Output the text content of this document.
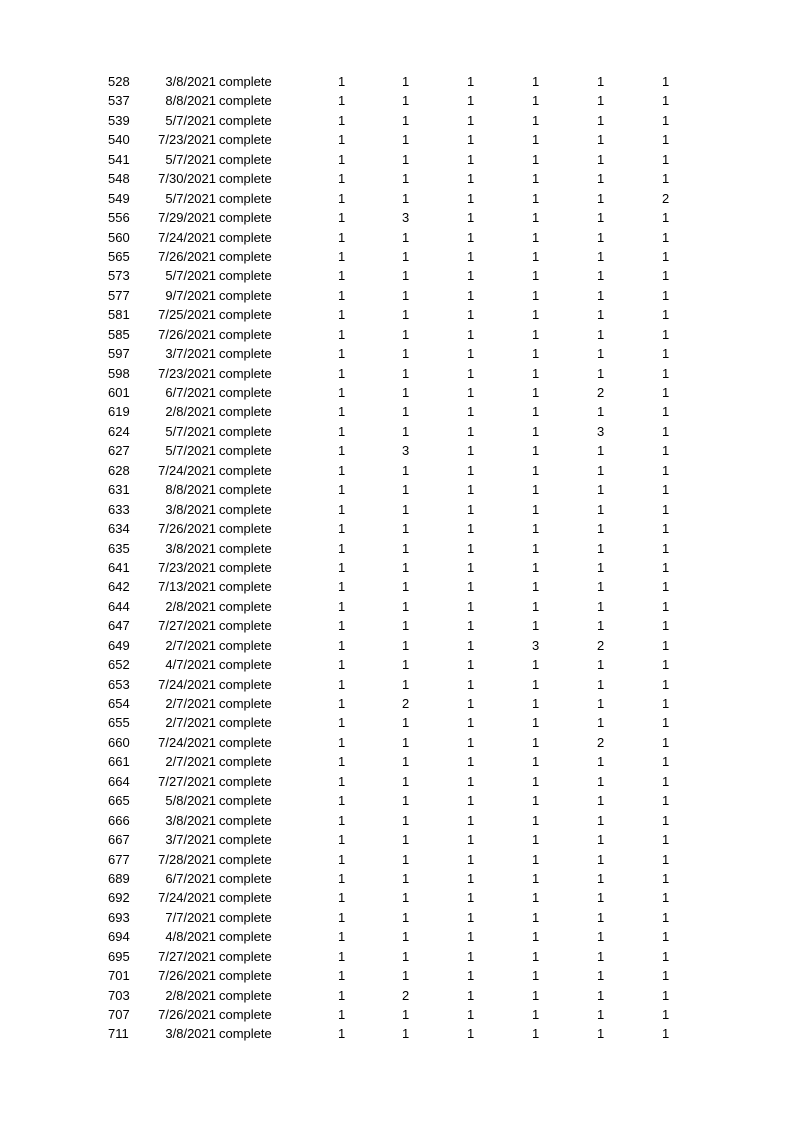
528	3/8/2021 complete	1	1	1	1	1	1
537	8/8/2021 complete	1	1	1	1	1	1
539	5/7/2021 complete	1	1	1	1	1	1
540 7/23/2021 complete	1	1	1	1	1	1
541	5/7/2021 complete	1	1	1	1	1	1
548 7/30/2021 complete	1	1	1	1	1	1
549	5/7/2021 complete	1	1	1	1	1	2
556 7/29/2021 complete	1	3	1	1	1	1
560 7/24/2021 complete	1	1	1	1	1	1
565 7/26/2021 complete	1	1	1	1	1	1
573	5/7/2021 complete	1	1	1	1	1	1
577	9/7/2021 complete	1	1	1	1	1	1
581 7/25/2021 complete	1	1	1	1	1	1
585 7/26/2021 complete	1	1	1	1	1	1
597	3/7/2021 complete	1	1	1	1	1	1
598 7/23/2021 complete	1	1	1	1	1	1
601	6/7/2021 complete	1	1	1	1	2	1
619	2/8/2021 complete	1	1	1	1	1	1
624	5/7/2021 complete	1	1	1	1	3	1
627	5/7/2021 complete	1	3	1	1	1	1
628 7/24/2021 complete	1	1	1	1	1	1
631	8/8/2021 complete	1	1	1	1	1	1
633	3/8/2021 complete	1	1	1	1	1	1
634 7/26/2021 complete	1	1	1	1	1	1
635	3/8/2021 complete	1	1	1	1	1	1
641 7/23/2021 complete	1	1	1	1	1	1
642 7/13/2021 complete	1	1	1	1	1	1
644	2/8/2021 complete	1	1	1	1	1	1
647 7/27/2021 complete	1	1	1	1	1	1
649	2/7/2021 complete	1	1	1	3	2	1
652	4/7/2021 complete	1	1	1	1	1	1
653 7/24/2021 complete	1	1	1	1	1	1
654	2/7/2021 complete	1	2	1	1	1	1
655	2/7/2021 complete	1	1	1	1	1	1
660 7/24/2021 complete	1	1	1	1	2	1
661	2/7/2021 complete	1	1	1	1	1	1
664 7/27/2021 complete	1	1	1	1	1	1
665	5/8/2021 complete	1	1	1	1	1	1
666	3/8/2021 complete	1	1	1	1	1	1
667	3/7/2021 complete	1	1	1	1	1	1
677 7/28/2021 complete	1	1	1	1	1	1
689	6/7/2021 complete	1	1	1	1	1	1
692 7/24/2021 complete	1	1	1	1	1	1
693	7/7/2021 complete	1	1	1	1	1	1
694	4/8/2021 complete	1	1	1	1	1	1
695 7/27/2021 complete	1	1	1	1	1	1
701 7/26/2021 complete	1	1	1	1	1	1
703	2/8/2021 complete	1	2	1	1	1	1
707 7/26/2021 complete	1	1	1	1	1	1
711	3/8/2021 complete	1	1	1	1	1	1
